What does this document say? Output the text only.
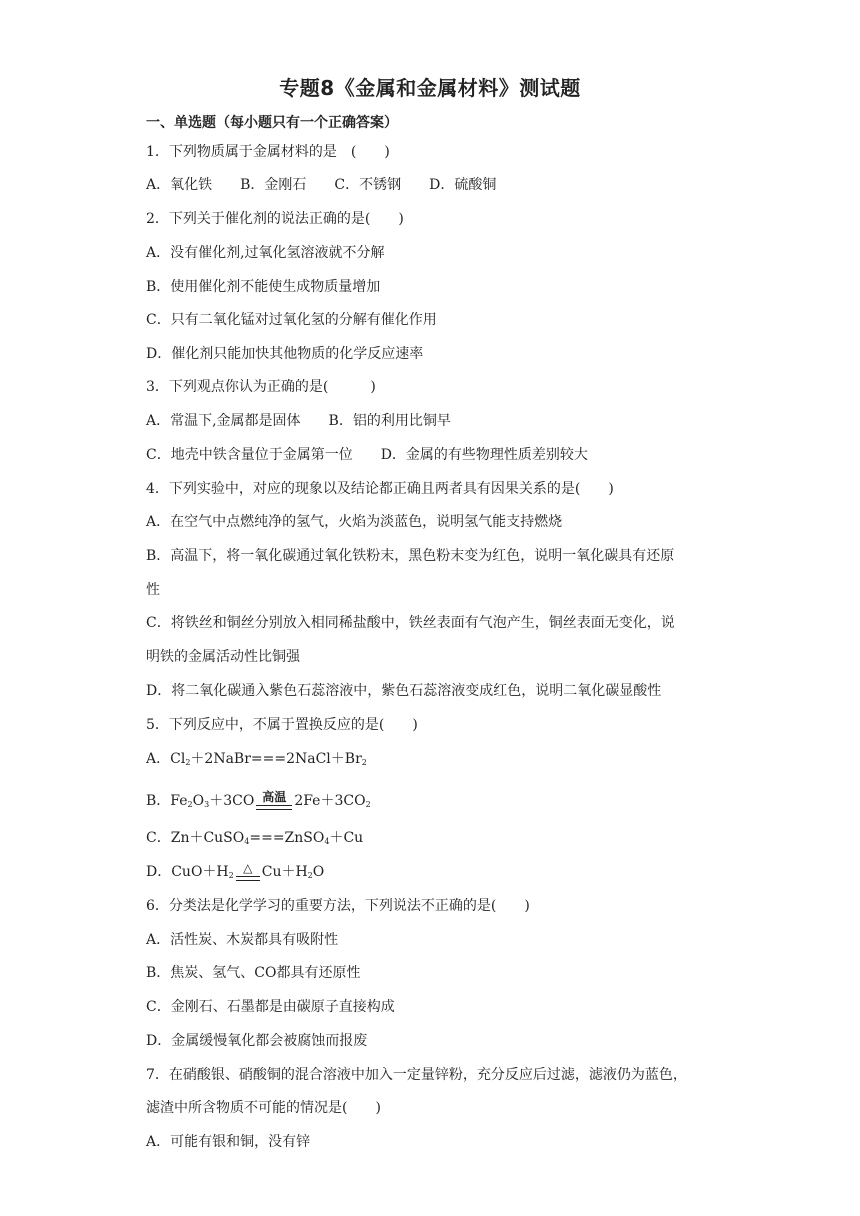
专题8《金属和金属材料》测试题
一、单选题（每小题只有一个正确答案）
1．下列物质属于金属材料的是　(　　)
A．氧化铁　　B．金刚石　　C．不锈钢　　D．硫酸铜
2．下列关于催化剂的说法正确的是(　　)
A．没有催化剂,过氧化氢溶液就不分解
B．使用催化剂不能使生成物质量增加
C．只有二氧化锰对过氧化氢的分解有催化作用
D．催化剂只能加快其他物质的化学反应速率
3．下列观点你认为正确的是(　　　)
A．常温下,金属都是固体　　B．铝的利用比铜早
C．地壳中铁含量位于金属第一位　　D．金属的有些物理性质差别较大
4．下列实验中，对应的现象以及结论都正确且两者具有因果关系的是(　　)
A．在空气中点燃纯净的氢气，火焰为淡蓝色，说明氢气能支持燃烧
B．高温下，将一氧化碳通过氧化铁粉末，黑色粉末变为红色，说明一氧化碳具有还原
性
C．将铁丝和铜丝分别放入相同稀盐酸中，铁丝表面有气泡产生，铜丝表面无变化，说
明铁的金属活动性比铜强
D．将二氧化碳通入紫色石蕊溶液中，紫色石蕊溶液变成红色，说明二氧化碳显酸性
5．下列反应中，不属于置换反应的是(　　)
A．$Cl_2+2NaBr===2NaCl+Br_2$
B．$Fe_2O_3+3CO$ 高温 $2Fe+3CO_2$
C．Zn＋CuSO$_4$===ZnSO$_4$＋Cu
D．$CuO+H_2$
△ $Cu+H_2O$
6．分类法是化学学习的重要方法，下列说法不正确的是(　　)
A．活性炭、木炭都具有吸附性
B．焦炭、氢气、CO都具有还原性
C．金刚石、石墨都是由碳原子直接构成
D．金属缓慢氧化都会被腐蚀而报废
7．在硝酸银、硝酸铜的混合溶液中加入一定量锌粉，充分反应后过滤，滤液仍为蓝色，
滤渣中所含物质不可能的情况是(　　)
A．可能有银和铜，没有锌
